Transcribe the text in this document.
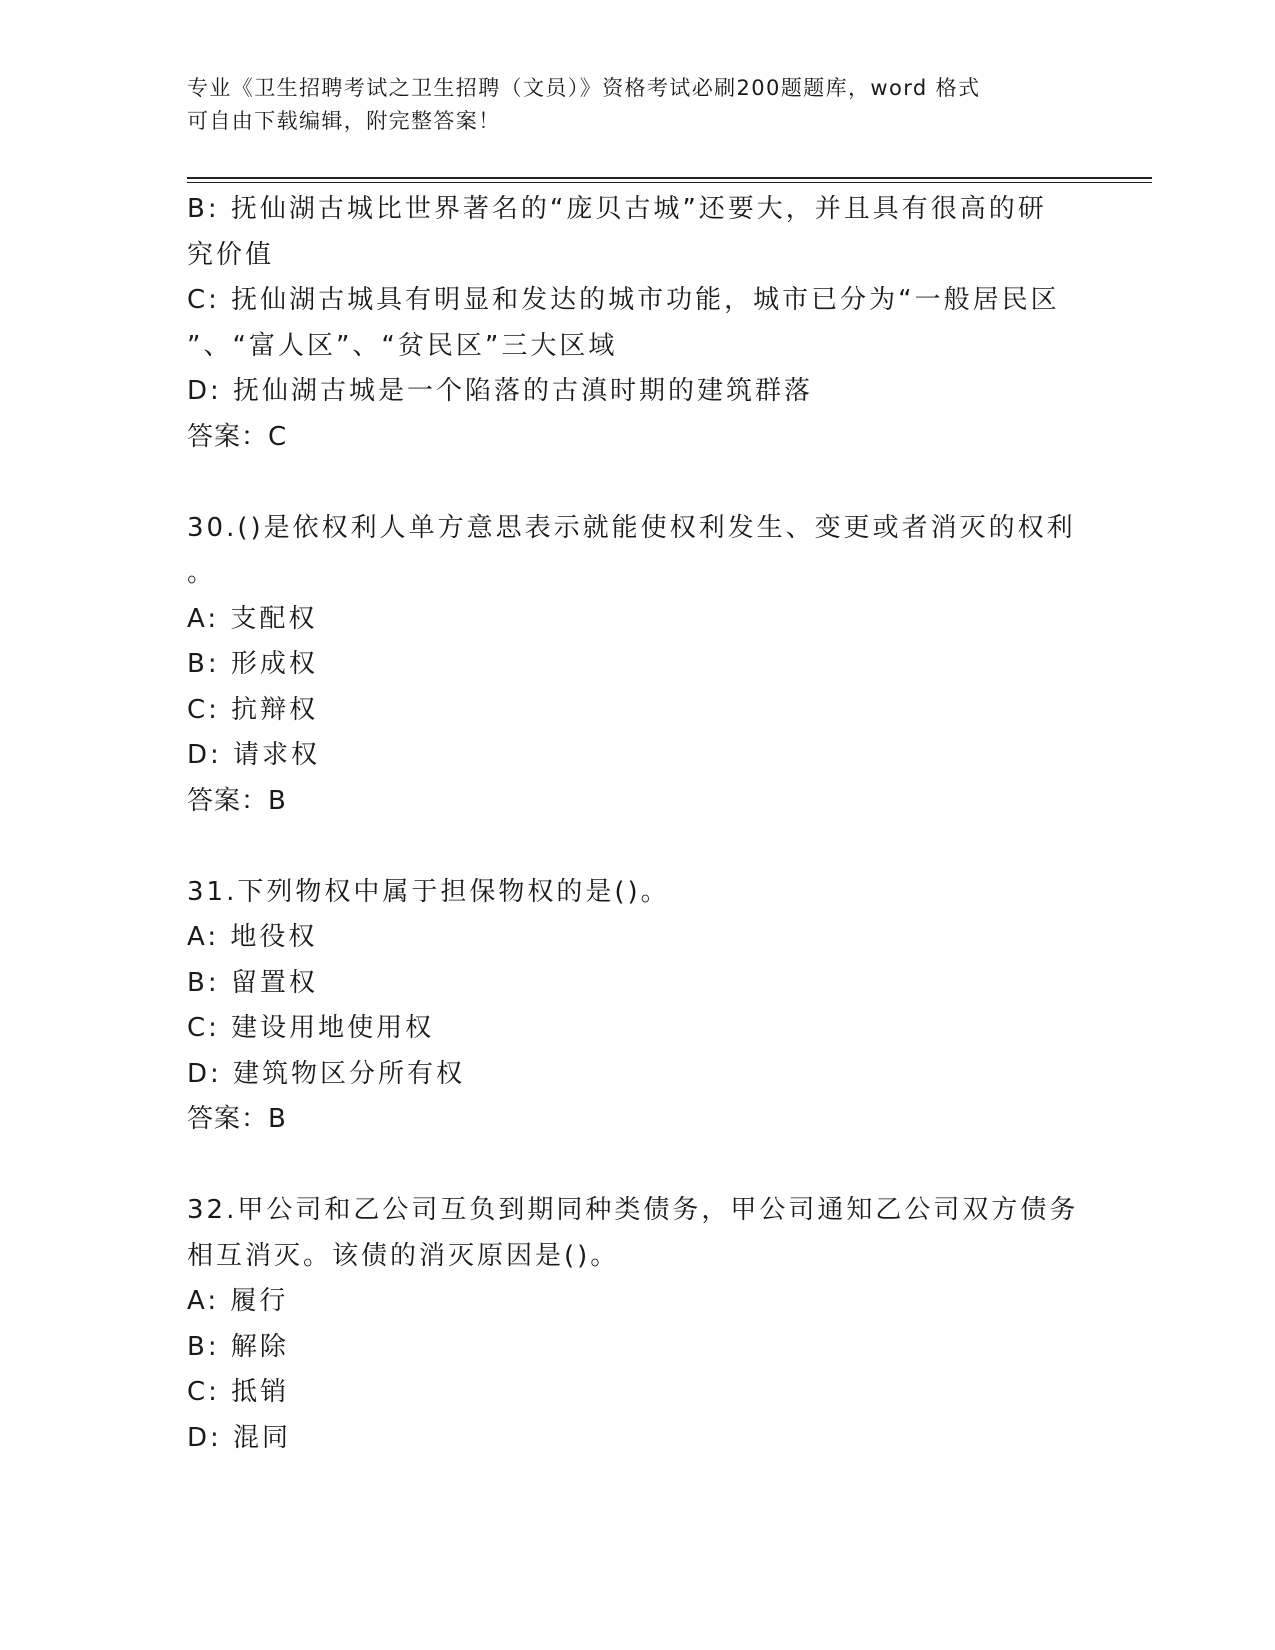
专业《卫生招聘考试之卫生招聘（文员）》资格考试必刷200题题库，word 格式
可自由下载编辑，附完整答案！
B: 抚仙湖古城比世界著名的“庞贝古城”还要大，并且具有很高的研
究价值
C: 抚仙湖古城具有明显和发达的城市功能，城市已分为“一般居民区
”、“富人区”、“贫民区”三大区域
D: 抚仙湖古城是一个陷落的古滇时期的建筑群落
答案：C
30.()是依权利人单方意思表示就能使权利发生、变更或者消灭的权利
。
A: 支配权
B: 形成权
C: 抗辩权
D: 请求权
答案：B
31.下列物权中属于担保物权的是()。
A: 地役权
B: 留置权
C: 建设用地使用权
D: 建筑物区分所有权
答案：B
32.甲公司和乙公司互负到期同种类债务，甲公司通知乙公司双方债务
相互消灭。该债的消灭原因是()。
A: 履行
B: 解除
C: 抵销
D: 混同
